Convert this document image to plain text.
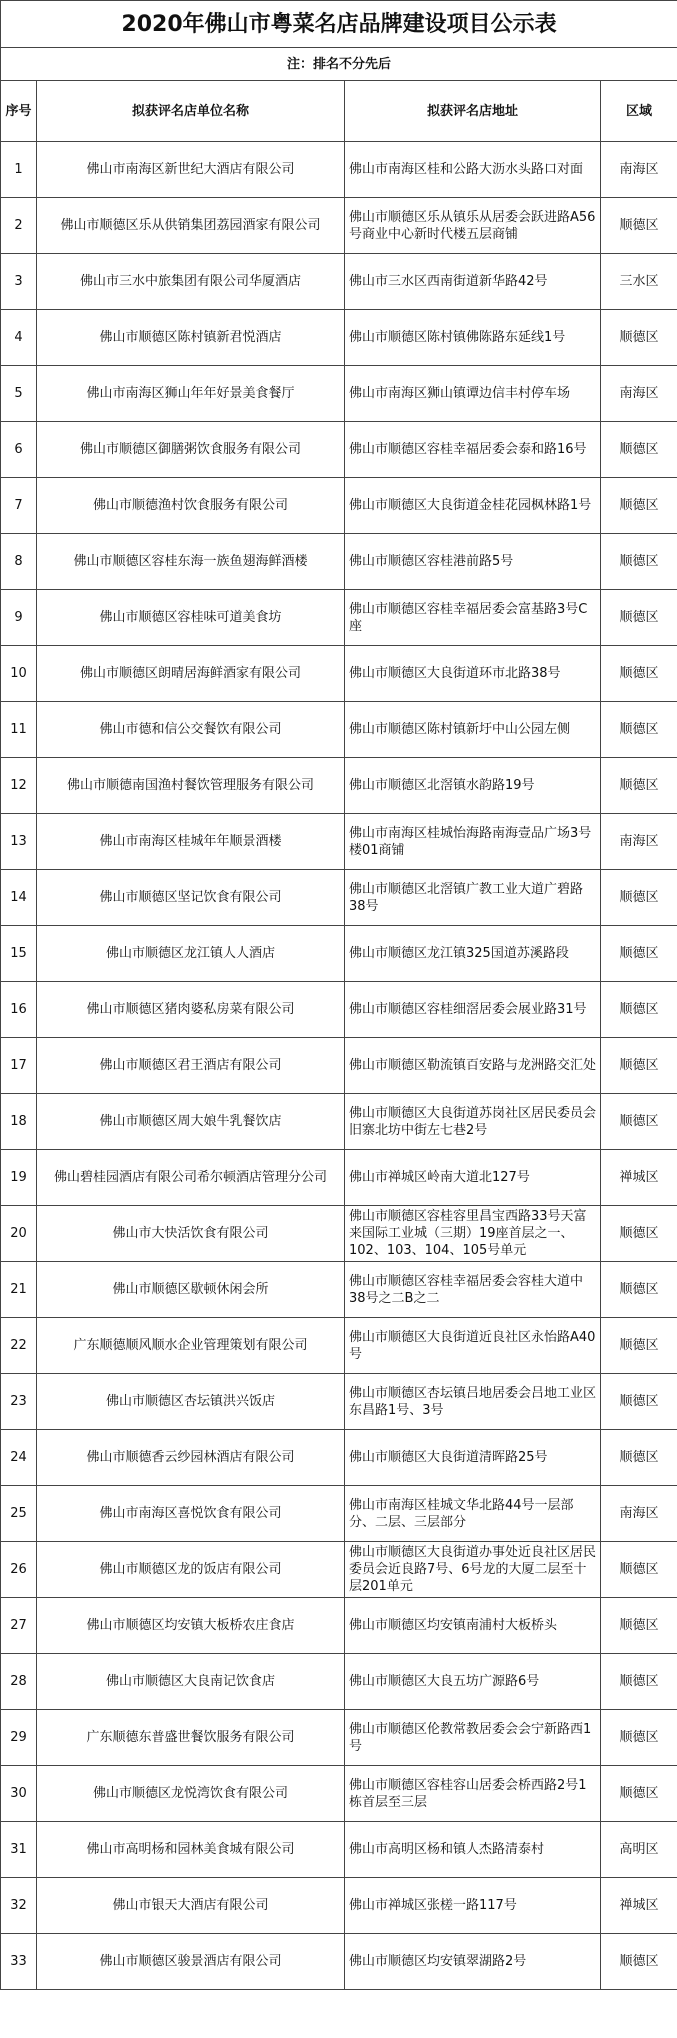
2020年佛山市粤菜名店品牌建设项目公示表			
注：排名不分先后			
序号	拟获评名店单位名称	拟获评名店地址	区域

1	佛山市南海区新世纪大酒店有限公司	佛山市南海区桂和公路大沥水头路口对面	南海区

2	佛山市顺德区乐从供销集团荔园酒家有限公司	佛山市顺德区乐从镇乐从居委会跃进路A56号商业中心新时代楼五层商铺	顺德区

3	佛山市三水中旅集团有限公司华厦酒店	佛山市三水区西南街道新华路42号	三水区

4	佛山市顺德区陈村镇新君悦酒店	佛山市顺德区陈村镇佛陈路东延线1号	顺德区

5	佛山市南海区狮山年年好景美食餐厅	佛山市南海区狮山镇谭边信丰村停车场	南海区

6	佛山市顺德区御膳粥饮食服务有限公司	佛山市顺德区容桂幸福居委会泰和路16号	顺德区

7	佛山市顺德渔村饮食服务有限公司	佛山市顺德区大良街道金桂花园枫林路1号	顺德区

8	佛山市顺德区容桂东海一族鱼翅海鲜酒楼	佛山市顺德区容桂港前路5号	顺德区

9	佛山市顺德区容桂味可道美食坊	佛山市顺德区容桂幸福居委会富基路3号C座	顺德区

10	佛山市顺德区朗晴居海鲜酒家有限公司	佛山市顺德区大良街道环市北路38号	顺德区

11	佛山市德和信公交餐饮有限公司	佛山市顺德区陈村镇新圩中山公园左侧	顺德区

12	佛山市顺德南国渔村餐饮管理服务有限公司	佛山市顺德区北滘镇水韵路19号	顺德区

13	佛山市南海区桂城年年顺景酒楼	佛山市南海区桂城怡海路南海壹品广场3号楼01商铺	南海区

14	佛山市顺德区坚记饮食有限公司	佛山市顺德区北滘镇广教工业大道广碧路38号	顺德区

15	佛山市顺德区龙江镇人人酒店	佛山市顺德区龙江镇325国道苏溪路段	顺德区

16	佛山市顺德区猪肉婆私房菜有限公司	佛山市顺德区容桂细滘居委会展业路31号	顺德区

17	佛山市顺德区君王酒店有限公司	佛山市顺德区勒流镇百安路与龙洲路交汇处	顺德区

18	佛山市顺德区周大娘牛乳餐饮店	佛山市顺德区大良街道苏岗社区居民委员会旧寨北坊中街左七巷2号	顺德区

19	佛山碧桂园酒店有限公司希尔顿酒店管理分公司	佛山市禅城区岭南大道北127号	禅城区

20	佛山市大快活饮食有限公司	佛山市顺德区容桂容里昌宝西路33号天富来国际工业城（三期）19座首层之一、102、103、104、105号单元	顺德区

21	佛山市顺德区歇顿休闲会所	佛山市顺德区容桂幸福居委会容桂大道中38号之二B之二	顺德区

22	广东顺德顺风顺水企业管理策划有限公司	佛山市顺德区大良街道近良社区永怡路A40号	顺德区

23	佛山市顺德区杏坛镇洪兴饭店	佛山市顺德区杏坛镇吕地居委会吕地工业区东昌路1号、3号	顺德区

24	佛山市顺德香云纱园林酒店有限公司	佛山市顺德区大良街道清晖路25号	顺德区

25	佛山市南海区喜悦饮食有限公司	佛山市南海区桂城文华北路44号一层部分、二层、三层部分	南海区

26	佛山市顺德区龙的饭店有限公司	佛山市顺德区大良街道办事处近良社区居民委员会近良路7号、6号龙的大厦二层至十层201单元	顺德区

27	佛山市顺德区均安镇大板桥农庄食店	佛山市顺德区均安镇南浦村大板桥头	顺德区

28	佛山市顺德区大良南记饮食店	佛山市顺德区大良五坊广源路6号	顺德区

29	广东顺德东普盛世餐饮服务有限公司	佛山市顺德区伦教常教居委会会宁新路西1号	顺德区

30	佛山市顺德区龙悦湾饮食有限公司	佛山市顺德区容桂容山居委会桥西路2号1栋首层至三层	顺德区

31	佛山市高明杨和园林美食城有限公司	佛山市高明区杨和镇人杰路清泰村	高明区

32	佛山市银天大酒店有限公司	佛山市禅城区张槎一路117号	禅城区

33	佛山市顺德区骏景酒店有限公司	佛山市顺德区均安镇翠湖路2号	顺德区
